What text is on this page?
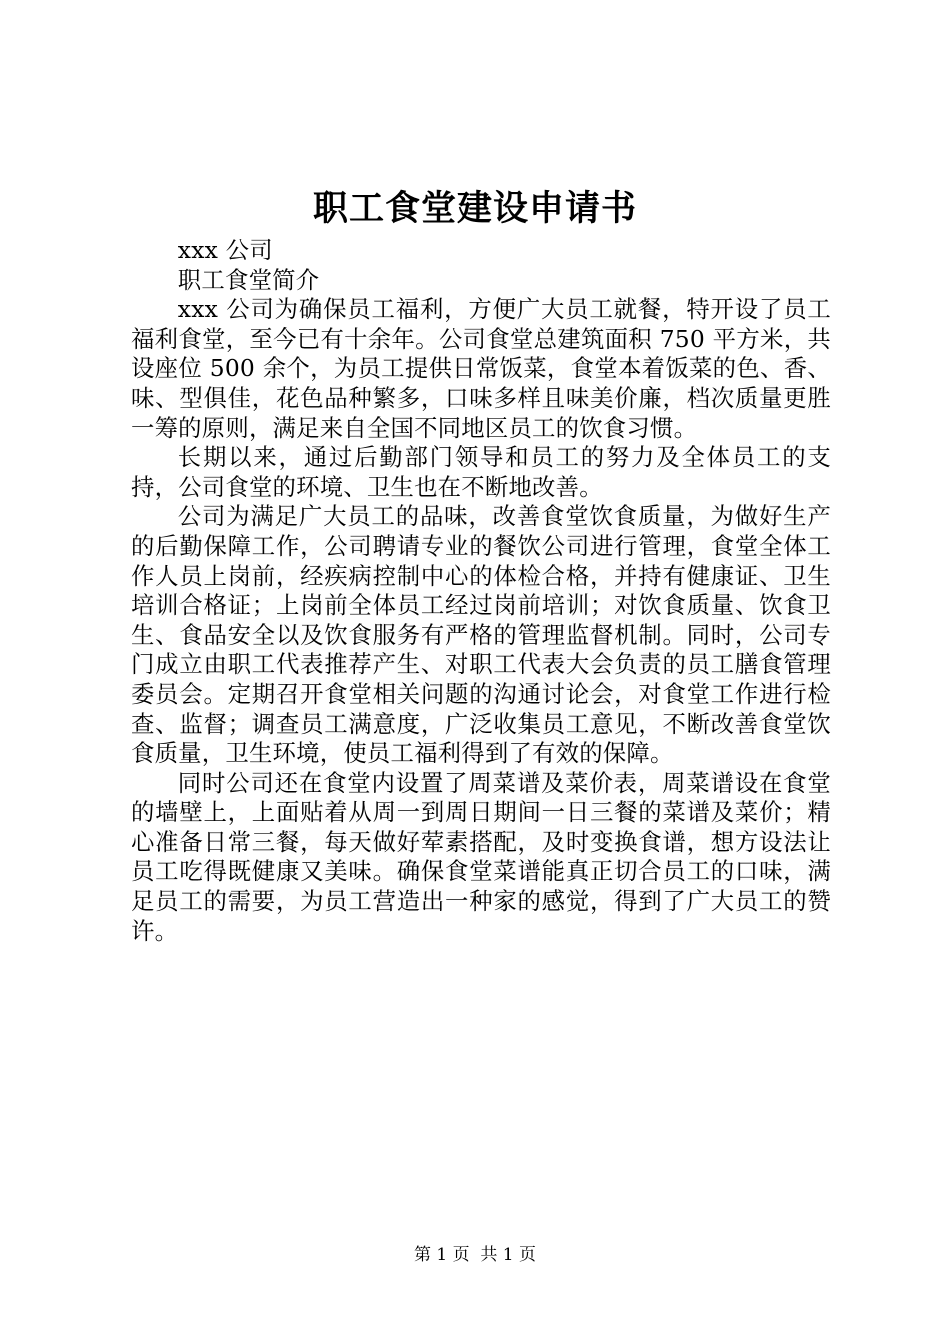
职工食堂建设申请书

xxx 公司

职工食堂简介

xxx 公司为确保员工福利，方便广大员工就餐，特开设了员工福利食堂，至今已有十余年。公司食堂总建筑面积 750 平方米，共设座位 500 余个，为员工提供日常饭菜，食堂本着饭菜的色、香、味、型俱佳，花色品种繁多，口味多样且味美价廉，档次质量更胜一筹的原则，满足来自全国不同地区员工的饮食习惯。

长期以来，通过后勤部门领导和员工的努力及全体员工的支持，公司食堂的环境、卫生也在不断地改善。

公司为满足广大员工的品味，改善食堂饮食质量，为做好生产的后勤保障工作，公司聘请专业的餐饮公司进行管理，食堂全体工作人员上岗前，经疾病控制中心的体检合格，并持有健康证、卫生培训合格证；上岗前全体员工经过岗前培训；对饮食质量、饮食卫生、食品安全以及饮食服务有严格的管理监督机制。同时，公司专门成立由职工代表推荐产生、对职工代表大会负责的员工膳食管理委员会。定期召开食堂相关问题的沟通讨论会，对食堂工作进行检查、监督；调查员工满意度，广泛收集员工意见，不断改善食堂饮食质量，卫生环境，使员工福利得到了有效的保障。

同时公司还在食堂内设置了周菜谱及菜价表，周菜谱设在食堂的墙壁上，上面贴着从周一到周日期间一日三餐的菜谱及菜价；精心准备日常三餐，每天做好荤素搭配，及时变换食谱，想方设法让员工吃得既健康又美味。确保食堂菜谱能真正切合员工的口味，满足员工的需要，为员工营造出一种家的感觉，得到了广大员工的赞许。

第 1 页 共 1 页
